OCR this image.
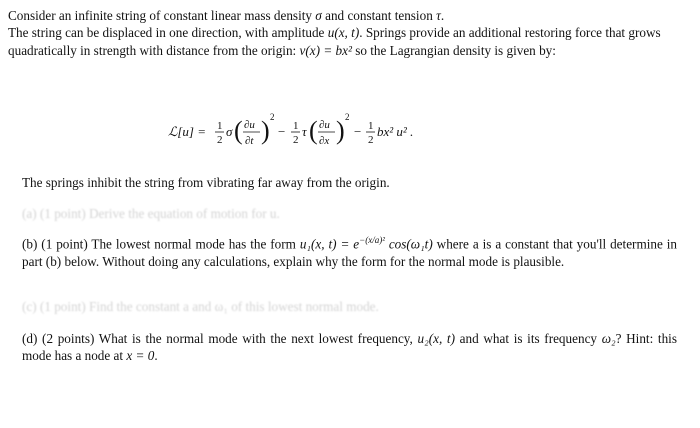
Consider an infinite string of constant linear mass density σ and constant tension τ.
The string can be displaced in one direction, with amplitude u(x, t). Springs provide an additional restoring force that grows quadratically in strength with distance from the origin: v(x) = bx² so the Lagrangian density is given by:

ℒ[u] = 1
2
σ ( ∂u
∂t ) 2
− 1
2
τ ( ∂u
∂x ) 2
− 1
2
bx² u² .

The springs inhibit the string from vibrating far away from the origin.

(a) (1 point) Derive the equation of motion for u.

(b) (1 point) The lowest normal mode has the form u₁(x, $t) = e^{-(x/a)^2}$ cos(ω₁t) where a is a constant that you'll determine in part (b) below. Without doing any calculations, explain why the form for the normal mode is plausible.

(c) (1 point) Find the constant a and ω₁ of this lowest normal mode.

(d) (2 points) What is the normal mode with the next lowest frequency, u₂(x, t) and what is its frequency ω₂? Hint: this mode has a node at x = 0.
